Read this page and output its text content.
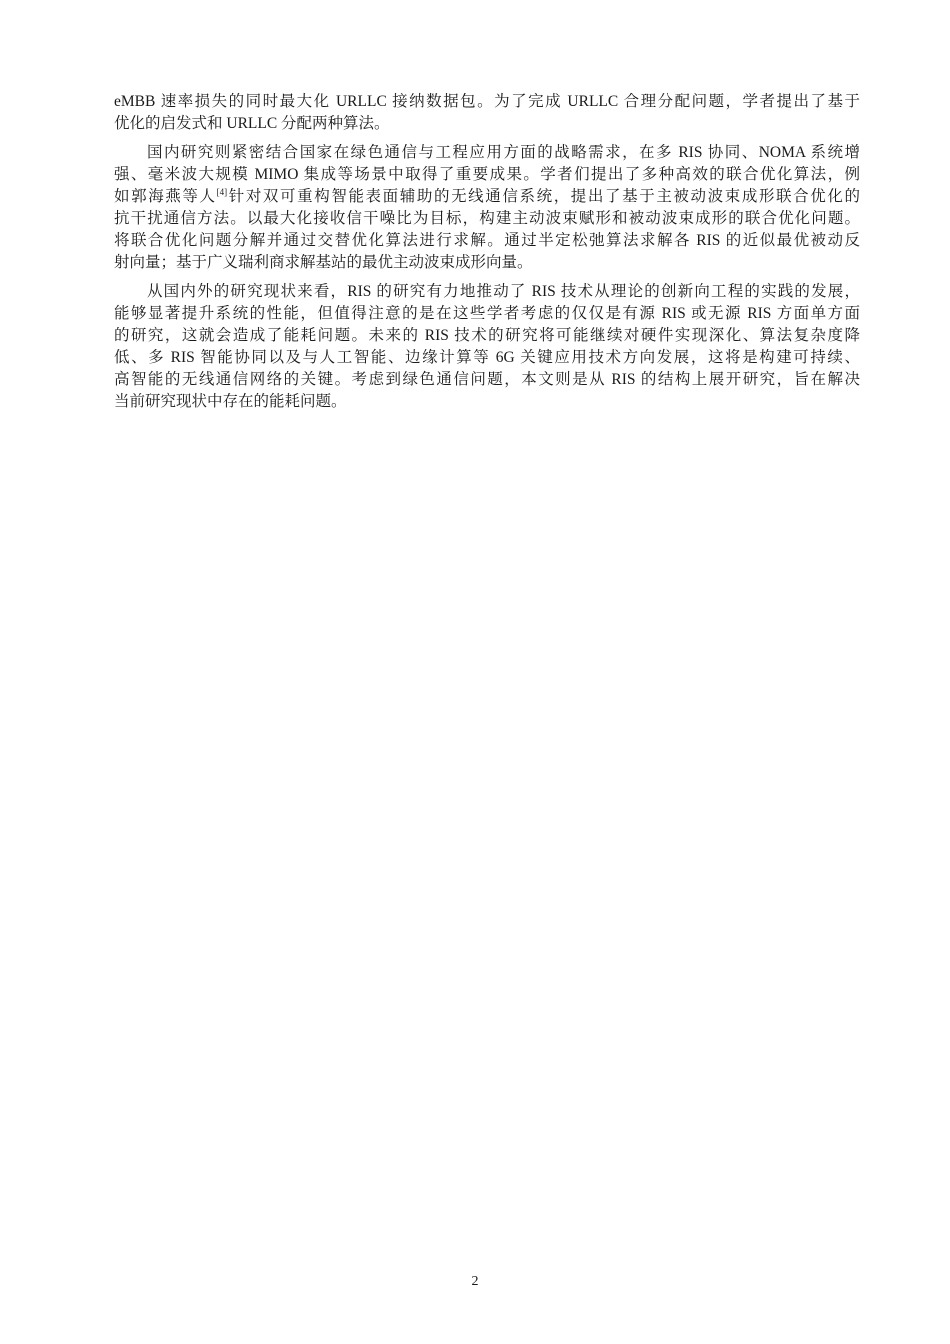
eMBB 速率损失的同时最大化 URLLC 接纳数据包。为了完成 URLLC 合理分配问题，学者提出了基于
优化的启发式和 URLLC 分配两种算法。

国内研究则紧密结合国家在绿色通信与工程应用方面的战略需求，在多 RIS 协同、NOMA 系统增
强、毫米波大规模 MIMO 集成等场景中取得了重要成果。学者们提出了多种高效的联合优化算法，例
如郭海燕等人[4]针对双可重构智能表面辅助的无线通信系统，提出了基于主被动波束成形联合优化的
抗干扰通信方法。以最大化接收信干噪比为目标，构建主动波束赋形和被动波束成形的联合优化问题。
将联合优化问题分解并通过交替优化算法进行求解。通过半定松弛算法求解各 RIS 的近似最优被动反
射向量；基于广义瑞利商求解基站的最优主动波束成形向量。

从国内外的研究现状来看，RIS 的研究有力地推动了 RIS 技术从理论的创新向工程的实践的发展，
能够显著提升系统的性能，但值得注意的是在这些学者考虑的仅仅是有源 RIS 或无源 RIS 方面单方面
的研究，这就会造成了能耗问题。未来的 RIS 技术的研究将可能继续对硬件实现深化、算法复杂度降
低、多 RIS 智能协同以及与人工智能、边缘计算等 6G 关键应用技术方向发展，这将是构建可持续、
高智能的无线通信网络的关键。考虑到绿色通信问题，本文则是从 RIS 的结构上展开研究，旨在解决
当前研究现状中存在的能耗问题。

2
